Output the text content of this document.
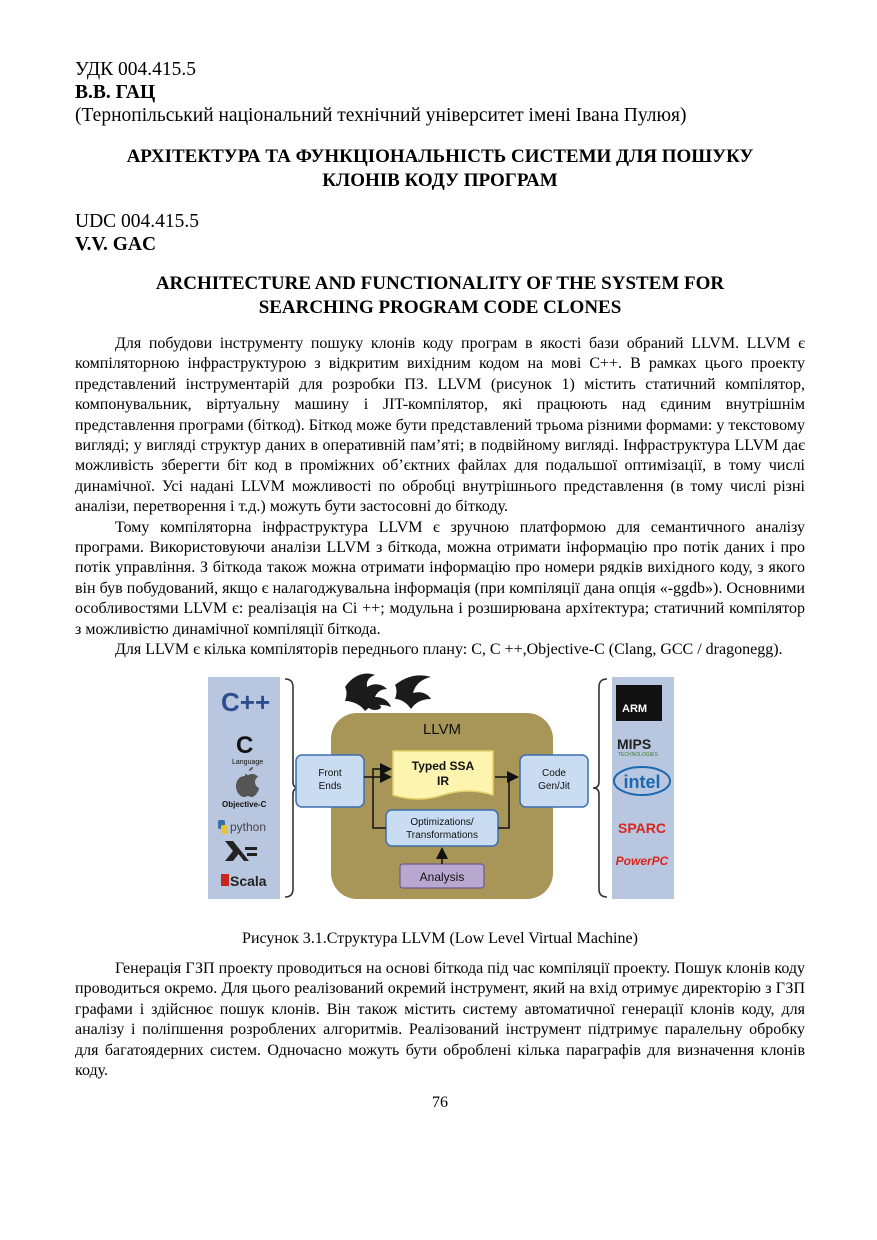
УДК 004.415.5
В.В. ГАЦ
(Тернопільський національний технічний університет імені Івана Пулюя)
АРХІТЕКТУРА ТА ФУНКЦІОНАЛЬНІСТЬ СИСТЕМИ ДЛЯ ПОШУКУ
КЛОНІВ КОДУ ПРОГРАМ
UDC 004.415.5
V.V. GAC
ARCHITECTURE AND FUNCTIONALITY OF THE SYSTEM FOR
SEARCHING PROGRAM CODE CLONES

Для побудови інструменту пошуку клонів коду програм в якості бази обраний LLVM. LLVM є компіляторною інфраструктурою з відкритим вихідним кодом на мові C++. В рамках цього проекту представлений інструментарій для розробки ПЗ. LLVM (рисунок 1) містить статичний компілятор, компонувальник, віртуальну машину і JIT-компілятор, які працюють над єдиним внутрішнім представлення програми (біткод). Біткод може бути представлений трьома різними формами: у текстовому вигляді; у вигляді структур даних в оперативній пам’яті; в подвійному вигляді. Інфраструктура LLVM дає можливість зберегти біт код в проміжних об’єктних файлах для подальшої оптимізації, в тому числі динамічної. Усі надані LLVM можливості по обробці внутрішнього представлення (в тому числі різні аналізи, перетворення і т.д.) можуть бути застосовні до біткоду.

Тому компіляторна інфраструктура LLVM є зручною платформою для семантичного аналізу програми. Використовуючи аналізи LLVM з біткода, можна отримати інформацію про потік даних і про потік управління. З біткода також можна отримати інформацію про номери рядків вихідного коду, з якого він був побудований, якщо є налагоджувальна інформація (при компіляції дана опція «-ggdb»). Основними особливостями LLVM є: реалізація на Сі ++; модульна і розширювана архітектура; статичний компілятор з можливістю динамічної компіляції біткода.

Для LLVM є кілька компіляторів переднього плану: C, C ++,Objective-C (Clang, GCC / dragonegg).

C++
C
Language
Objective-C
python
Scala
LLVM
Front
Ends
Typed SSA
IR
Code
Gen/Jit
Optimizations/
Transformations
Analysis
ARM
MIPS
TECHNOLOGIES
intel
SPARC
PowerPC
Рисунок 3.1.Структура LLVM (Low Level Virtual Machine)

Генерація ГЗП проекту проводиться на основі біткода під час компіляції проекту. Пошук клонів коду проводиться окремо. Для цього реалізований окремий інструмент, який на вхід отримує директорію з ГЗП графами і здійснює пошук клонів. Він також містить систему автоматичної генерації клонів коду, для аналізу і поліпшення розроблених алгоритмів. Реалізований інструмент підтримує паралельну обробку для багатоядерних систем. Одночасно можуть бути оброблені кілька параграфів для визначення клонів коду.

76
